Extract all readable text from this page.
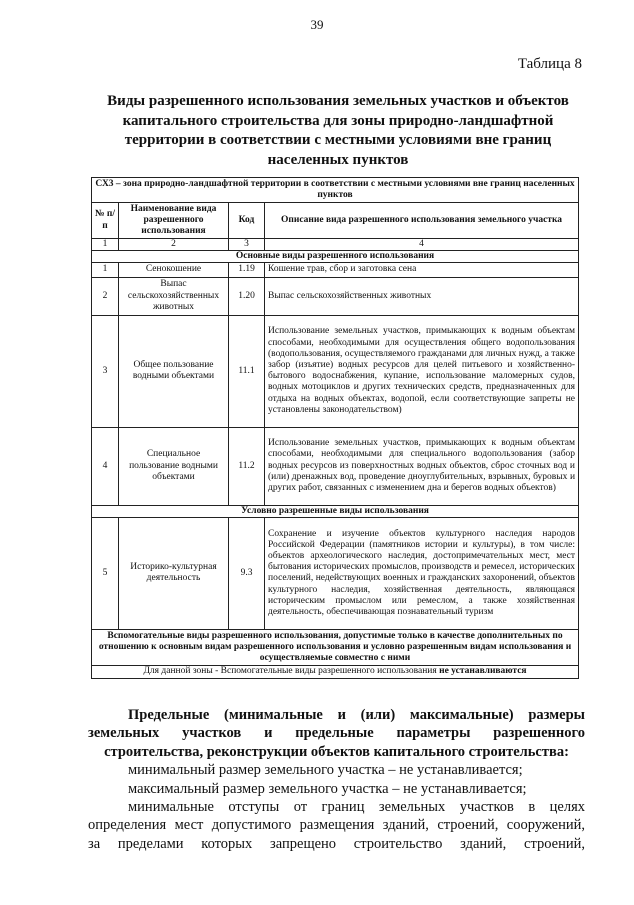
39
Таблица 8
Виды разрешенного использования земельных участков и объектов капитального строительства для зоны природно-ландшафтной территории в соответствии с местными условиями вне границ населенных пунктов
СХ3 – зона природно-ландшафтной территории в соответствии с местными условиями вне границ населенных пунктов			
№ п/п	Наименование вида разрешенного использования	Код	Описание вида разрешенного использования земельного участка
1	2	3	4
Основные виды разрешенного использования			
1	Сенокошение	1.19	Кошение трав, сбор и заготовка сена
2	Выпас сельскохозяйственных животных	1.20	Выпас сельскохозяйственных животных
3	Общее пользование водными объектами	11.1	Использование земельных участков, примыкающих к водным объектам способами, необходимыми для осуществления общего водопользования (водопользования, осуществляемого гражданами для личных нужд, а также забор (изъятие) водных ресурсов для целей питьевого и хозяйственно-бытового водоснабжения, купание, использование маломерных судов, водных мотоциклов и других технических средств, предназначенных для отдыха на водных объектах, водопой, если соответствующие запреты не установлены законодательством)
4	Специальное пользование водными объектами	11.2	Использование земельных участков, примыкающих к водным объектам способами, необходимыми для специального водопользования (забор водных ресурсов из поверхностных водных объектов, сброс сточных вод и (или) дренажных вод, проведение дноуглубительных, взрывных, буровых и других работ, связанных с изменением дна и берегов водных объектов)
Условно разрешенные виды использования			
5	Историко-культурная деятельность	9.3	Сохранение и изучение объектов культурного наследия народов Российской Федерации (памятников истории и культуры), в том числе: объектов археологического наследия, достопримечательных мест, мест бытования исторических промыслов, производств и ремесел, исторических поселений, недействующих военных и гражданских захоронений, объектов культурного наследия, хозяйственная деятельность, являющаяся историческим промыслом или ремеслом, а также хозяйственная деятельность, обеспечивающая познавательный туризм
Вспомогательные виды разрешенного использования, допустимые только в качестве дополнительных по отношению к основным видам разрешенного использования и условно разрешенным видам использования и осуществляемые совместно с ними			
Для данной зоны - Вспомогательные виды разрешенного использования не устанавливаются			

Предельные (минимальные и (или) максимальные) размеры земельных участков и предельные параметры разрешенного строительства, реконструкции объектов капитального строительства:

минимальный размер земельного участка – не устанавливается;

максимальный размер земельного участка – не устанавливается;

минимальные отступы от границ земельных участков в целях

определения мест допустимого размещения зданий, строений, сооружений,

за пределами которых запрещено строительство зданий, строений,
